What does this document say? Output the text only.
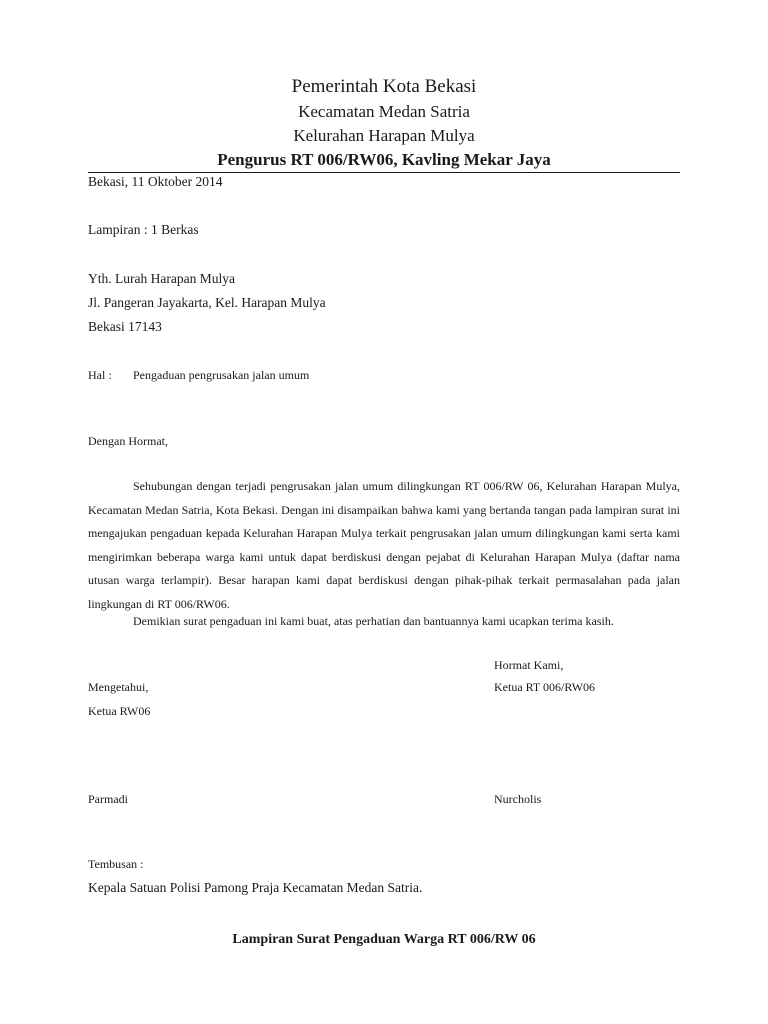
Pemerintah Kota Bekasi
Kecamatan Medan Satria
Kelurahan Harapan Mulya
Pengurus RT 006/RW06, Kavling Mekar Jaya
Bekasi, 11 Oktober 2014
Lampiran : 1 Berkas
Yth. Lurah Harapan Mulya
Jl. Pangeran Jayakarta, Kel. Harapan Mulya
Bekasi 17143
Hal : Pengaduan pengrusakan jalan umum
Dengan Hormat,
Sehubungan dengan terjadi pengrusakan jalan umum dilingkungan RT 006/RW 06, Kelurahan Harapan Mulya, Kecamatan Medan Satria, Kota Bekasi. Dengan ini disampaikan bahwa kami yang bertanda tangan pada lampiran surat ini mengajukan pengaduan kepada Kelurahan Harapan Mulya terkait pengrusakan jalan umum dilingkungan kami serta kami mengirimkan beberapa warga kami untuk dapat berdiskusi dengan pejabat di Kelurahan Harapan Mulya (daftar nama utusan warga terlampir). Besar harapan kami dapat berdiskusi dengan pihak-pihak terkait permasalahan pada jalan lingkungan di RT 006/RW06.
Demikian surat pengaduan ini kami buat, atas perhatian dan bantuannya kami ucapkan terima kasih.
Hormat Kami,
Ketua RT 006/RW06
Mengetahui,
Ketua RW06
Parmadi	Nurcholis
Tembusan :
Kepala Satuan Polisi Pamong Praja Kecamatan Medan Satria.
Lampiran Surat Pengaduan Warga RT 006/RW 06
